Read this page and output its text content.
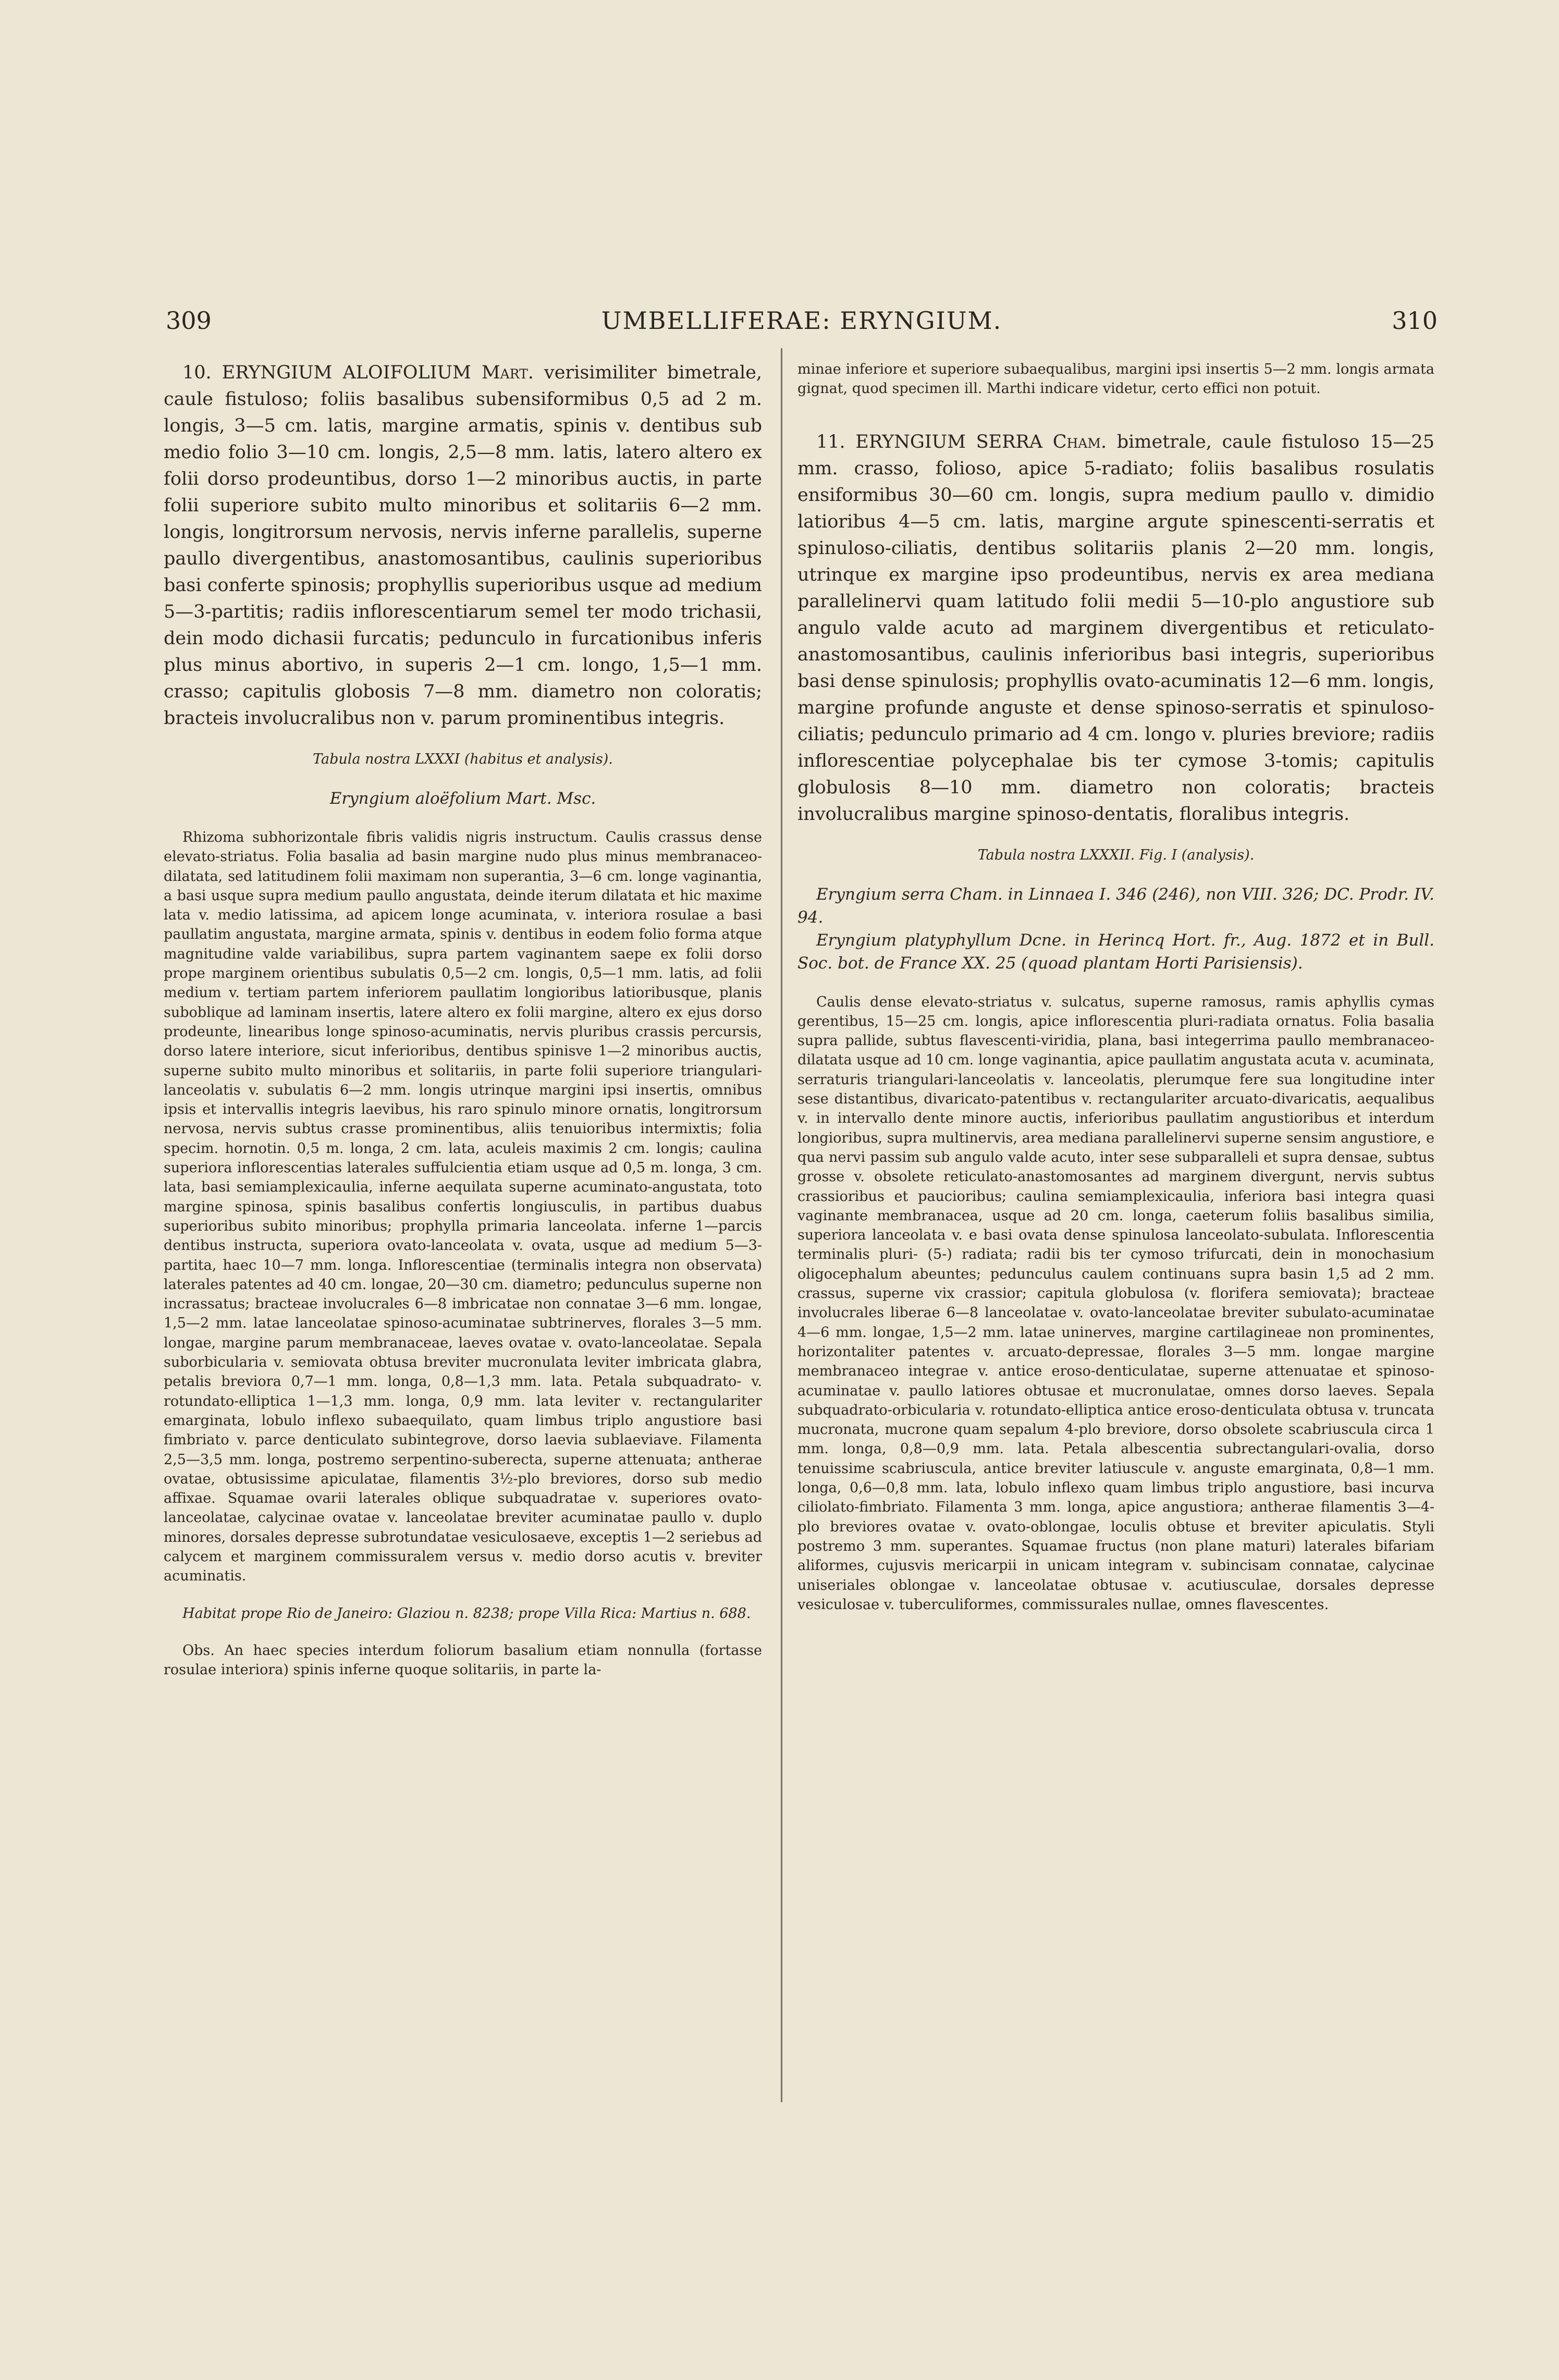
309	UMBELLIFERAE: ERYNGIUM.	310

10. ERYNGIUM ALOIFOLIUM Mart. verisimiliter bimetrale, caule fistuloso; foliis basalibus subensiformibus 0,5 ad 2 m. longis, 3—5 cm. latis, margine armatis, spinis v. dentibus sub medio folio 3—10 cm. longis, 2,5—8 mm. latis, latero altero ex folii dorso prodeuntibus, dorso 1—2 minoribus auctis, in parte folii superiore subito multo minoribus et solitariis 6—2 mm. longis, longitrorsum nervosis, nervis inferne parallelis, superne paullo divergentibus, anastomosantibus, caulinis superioribus basi conferte spinosis; prophyllis superioribus usque ad medium 5—3-partitis; radiis inflorescentiarum semel ter modo trichasii, dein modo dichasii furcatis; pedunculo in furcationibus inferis plus minus abortivo, in superis 2—1 cm. longo, 1,5—1 mm. crasso; capitulis globosis 7—8 mm. diametro non coloratis; bracteis involucralibus non v. parum prominentibus integris.

Tabula nostra LXXXI (habitus et analysis).

Eryngium aloëfolium Mart. Msc.

Rhizoma subhorizontale fibris validis nigris instructum. Caulis crassus dense elevato-striatus. Folia basalia ad basin margine nudo plus minus membranaceo-dilatata, sed latitudinem folii maximam non superantia, 3—6 cm. longe vaginantia, a basi usque supra medium paullo angustata, deinde iterum dilatata et hic maxime lata v. medio latissima, ad apicem longe acuminata, v. interiora rosulae a basi paullatim angustata, margine armata, spinis v. dentibus in eodem folio forma atque magnitudine valde variabilibus, supra partem vaginantem saepe ex folii dorso prope marginem orientibus subulatis 0,5—2 cm. longis, 0,5—1 mm. latis, ad folii medium v. tertiam partem inferiorem paullatim longioribus latioribusque, planis suboblique ad laminam insertis, latere altero ex folii margine, altero ex ejus dorso prodeunte, linearibus longe spinoso-acuminatis, nervis pluribus crassis percursis, dorso latere interiore, sicut inferioribus, dentibus spinisve 1—2 minoribus auctis, superne subito multo minoribus et solitariis, in parte folii superiore triangulari-lanceolatis v. subulatis 6—2 mm. longis utrinque margini ipsi insertis, omnibus ipsis et intervallis integris laevibus, his raro spinulo minore ornatis, longitrorsum nervosa, nervis subtus crasse prominentibus, aliis tenuioribus intermixtis; folia specim. hornotin. 0,5 m. longa, 2 cm. lata, aculeis maximis 2 cm. longis; caulina superiora inflorescentias laterales suffulcientia etiam usque ad 0,5 m. longa, 3 cm. lata, basi semiamplexicaulia, inferne aequilata superne acuminato-angustata, toto margine spinosa, spinis basalibus confertis longiusculis, in partibus duabus superioribus subito minoribus; prophylla primaria lanceolata. inferne 1—parcis dentibus instructa, superiora ovato-lanceolata v. ovata, usque ad medium 5—3-partita, haec 10—7 mm. longa. Inflorescentiae (terminalis integra non observata) laterales patentes ad 40 cm. longae, 20—30 cm. diametro; pedunculus superne non incrassatus; bracteae involucrales 6—8 imbricatae non connatae 3—6 mm. longae, 1,5—2 mm. latae lanceolatae spinoso-acuminatae subtrinerves, florales 3—5 mm. longae, margine parum membranaceae, laeves ovatae v. ovato-lanceolatae. Sepala suborbicularia v. semiovata obtusa breviter mucronulata leviter imbricata glabra, petalis breviora 0,7—1 mm. longa, 0,8—1,3 mm. lata. Petala subquadrato- v. rotundato-elliptica 1—1,3 mm. longa, 0,9 mm. lata leviter v. rectangulariter emarginata, lobulo inflexo subaequilato, quam limbus triplo angustiore basi fimbriato v. parce denticulato subintegrove, dorso laevia sublaeviave. Filamenta 2,5—3,5 mm. longa, postremo serpentino-suberecta, superne attenuata; antherae ovatae, obtusissime apiculatae, filamentis 3½-plo breviores, dorso sub medio affixae. Squamae ovarii laterales oblique subquadratae v. superiores ovato-lanceolatae, calycinae ovatae v. lanceolatae breviter acuminatae paullo v. duplo minores, dorsales depresse subrotundatae vesiculosaeve, exceptis 1—2 seriebus ad calycem et marginem commissuralem versus v. medio dorso acutis v. breviter acuminatis.

Habitat prope Rio de Janeiro: Glaziou n. 8238; prope Villa Rica: Martius n. 688.

Obs. An haec species interdum foliorum basalium etiam nonnulla (fortasse rosulae interiora) spinis inferne quoque solitariis, in parte la-

minae inferiore et superiore subaequalibus, margini ipsi insertis 5—2 mm. longis armata gignat, quod specimen ill. Marthi indicare videtur, certo effici non potuit.

11. ERYNGIUM SERRA Cham. bimetrale, caule fistuloso 15—25 mm. crasso, folioso, apice 5-radiato; foliis basalibus rosulatis ensiformibus 30—60 cm. longis, supra medium paullo v. dimidio latioribus 4—5 cm. latis, margine argute spinescenti-serratis et spinuloso-ciliatis, dentibus solitariis planis 2—20 mm. longis, utrinque ex margine ipso prodeuntibus, nervis ex area mediana parallelinervi quam latitudo folii medii 5—10-plo angustiore sub angulo valde acuto ad marginem divergentibus et reticulato-anastomosantibus, caulinis inferioribus basi integris, superioribus basi dense spinulosis; prophyllis ovato-acuminatis 12—6 mm. longis, margine profunde anguste et dense spinoso-serratis et spinuloso-ciliatis; pedunculo primario ad 4 cm. longo v. pluries breviore; radiis inflorescentiae polycephalae bis ter cymose 3-tomis; capitulis globulosis 8—10 mm. diametro non coloratis; bracteis involucralibus margine spinoso-dentatis, floralibus integris.

Tabula nostra LXXXII. Fig. I (analysis).

Eryngium serra Cham. in Linnaea I. 346 (246), non VIII. 326; DC. Prodr. IV. 94.

Eryngium platyphyllum Dcne. in Herincq Hort. fr., Aug. 1872 et in Bull. Soc. bot. de France XX. 25 (quoad plantam Horti Parisiensis).

Caulis dense elevato-striatus v. sulcatus, superne ramosus, ramis aphyllis cymas gerentibus, 15—25 cm. longis, apice inflorescentia pluri-radiata ornatus. Folia basalia supra pallide, subtus flavescenti-viridia, plana, basi integerrima paullo membranaceo-dilatata usque ad 10 cm. longe vaginantia, apice paullatim angustata acuta v. acuminata, serraturis triangulari-lanceolatis v. lanceolatis, plerumque fere sua longitudine inter sese distantibus, divaricato-patentibus v. rectangulariter arcuato-divaricatis, aequalibus v. in intervallo dente minore auctis, inferioribus paullatim angustioribus et interdum longioribus, supra multinervis, area mediana parallelinervi superne sensim angustiore, e qua nervi passim sub angulo valde acuto, inter sese subparalleli et supra densae, subtus grosse v. obsolete reticulato-anastomosantes ad marginem divergunt, nervis subtus crassioribus et paucioribus; caulina semiamplexicaulia, inferiora basi integra quasi vaginante membranacea, usque ad 20 cm. longa, caeterum foliis basalibus similia, superiora lanceolata v. e basi ovata dense spinulosa lanceolato-subulata. Inflorescentia terminalis pluri- (5-) radiata; radii bis ter cymoso trifurcati, dein in monochasium oligocephalum abeuntes; pedunculus caulem continuans supra basin 1,5 ad 2 mm. crassus, superne vix crassior; capitula globulosa (v. florifera semiovata); bracteae involucrales liberae 6—8 lanceolatae v. ovato-lanceolatae breviter subulato-acuminatae 4—6 mm. longae, 1,5—2 mm. latae uninerves, margine cartilagineae non prominentes, horizontaliter patentes v. arcuato-depressae, florales 3—5 mm. longae margine membranaceo integrae v. antice eroso-denticulatae, superne attenuatae et spinoso-acuminatae v. paullo latiores obtusae et mucronulatae, omnes dorso laeves. Sepala subquadrato-orbicularia v. rotundato-elliptica antice eroso-denticulata obtusa v. truncata mucronata, mucrone quam sepalum 4-plo breviore, dorso obsolete scabriuscula circa 1 mm. longa, 0,8—0,9 mm. lata. Petala albescentia subrectangulari-ovalia, dorso tenuissime scabriuscula, antice breviter latiuscule v. anguste emarginata, 0,8—1 mm. longa, 0,6—0,8 mm. lata, lobulo inflexo quam limbus triplo angustiore, basi incurva ciliolato-fimbriato. Filamenta 3 mm. longa, apice angustiora; antherae filamentis 3—4-plo breviores ovatae v. ovato-oblongae, loculis obtuse et breviter apiculatis. Styli postremo 3 mm. superantes. Squamae fructus (non plane maturi) laterales bifariam aliformes, cujusvis mericarpii in unicam integram v. subincisam connatae, calycinae uniseriales oblongae v. lanceolatae obtusae v. acutiusculae, dorsales depresse vesiculosae v. tuberculiformes, commissurales nullae, omnes flavescentes.
